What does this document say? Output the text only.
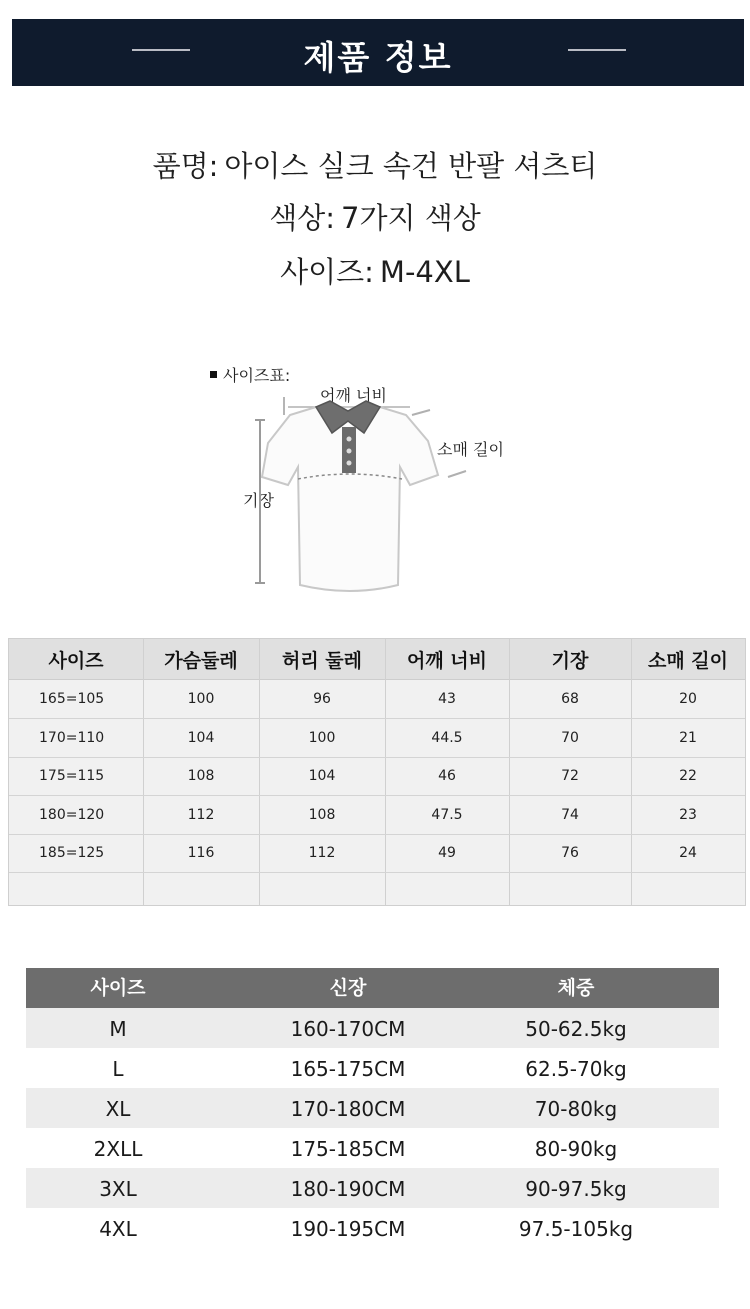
제품 정보
품명: 아이스 실크 속건 반팔 셔츠티
색상: 7가지 색상
사이즈: M-4XL
사이즈표:
어깨 너비
소매 길이
기장
사이즈	가슴둘레	허리 둘레	어깨 너비	기장	소매 길이
165=105	100	96	43	68	20
170=110	104	100	44.5	70	21
175=115	108	104	46	72	22
180=120	112	108	47.5	74	23
185=125	116	112	49	76	24
사이즈	신장	체중
M	160-170CM	50-62.5kg
L	165-175CM	62.5-70kg
XL	170-180CM	70-80kg
2XLL	175-185CM	80-90kg
3XL	180-190CM	90-97.5kg
4XL	190-195CM	97.5-105kg
